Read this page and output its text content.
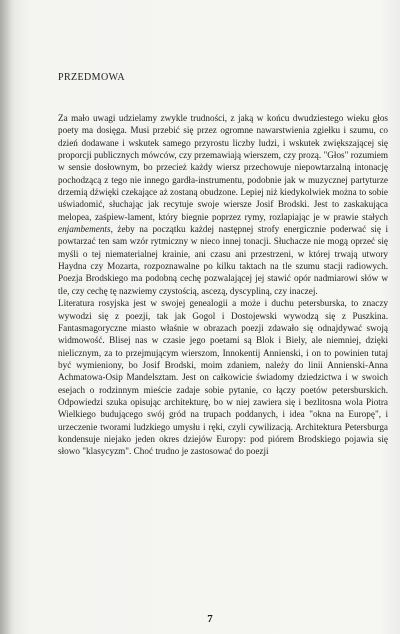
PRZEDMOWA

Za mało uwagi udzielamy zwykle trudności, z jaką w końcu dwudziestego wieku głos poety ma dosięga. Musi przebić się przez ogromne nawarstwienia zgiełku i szumu, co dzień dodawane i wskutek samego przyrostu liczby ludzi, i wskutek zwiększającej się proporcji publicznych mówców, czy przemawiają wierszem, czy prozą. "Głos" rozumiem w sensie dosłownym, bo przecież każdy wiersz przechowuje niepowtarzalną intonację pochodzącą z tego nie innego gardła-instrumentu, podobnie jak w muzycznej partyturze drzemią dźwięki czekające aż zostaną obudzone. Lepiej niż kiedykolwiek można to sobie uświadomić, słuchając jak recytuje swoje wiersze Josif Brodski. Jest to zaskakująca melopea, zaśpiew-lament, który biegnie poprzez rymy, rozlapiając je w prawie stałych enjambements, żeby na początku każdej następnej strofy energicznie poderwać się i powtarzać ten sam wzór rytmiczny w nieco innej tonacji. Słuchacze nie mogą oprzeć się myśli o tej niematerialnej krainie, ani czasu ani przestrzeni, w której trwają utwory Haydna czy Mozarta, rozpoznawalne po kilku taktach na tle szumu stacji radiowych. Poezja Brodskiego ma podobną cechę pozwalającej jej stawić opór nadmiarowi słów w tle, czy cechę tę nazwiemy czystością, ascezą, dyscypliną, czy inaczej.

Literatura rosyjska jest w swojej genealogii a może i duchu petersburska, to znaczy wywodzi się z poezji, tak jak Gogol i Dostojewski wywodzą się z Puszkina. Fantasmagoryczne miasto właśnie w obrazach poezji zdawało się odnajdywać swoją widmowość. Blisej nas w czasie jego poetami są Blok i Biely, ale niemniej, dzięki nielicznym, za to przejmującym wierszom, Innokentij Annienski, i on to powinien tutaj być wymieniony, bo Josif Brodski, moim zdaniem, należy do linii Annienski-Anna Achmatowa-Osip Mandelsztam. Jest on całkowicie świadomy dziedzictwa i w swoich esejach o rodzinnym mieście zadaje sobie pytanie, co łączy poetów petersburskich. Odpowiedzi szuka opisując architekturę, bo w niej zawiera się i bezlitosna wola Piotra Wielkiego budującego swój gród na trupach poddanych, i idea "okna na Europę", i urzeczenie tworami ludzkiego umysłu i ręki, czyli cywilizacją. Architektura Petersburga kondensuje niejako jeden okres dziejów Europy: pod piórem Brodskiego pojawia się słowo "klasycyzm". Choć trudno je zastosować do poezji

7
